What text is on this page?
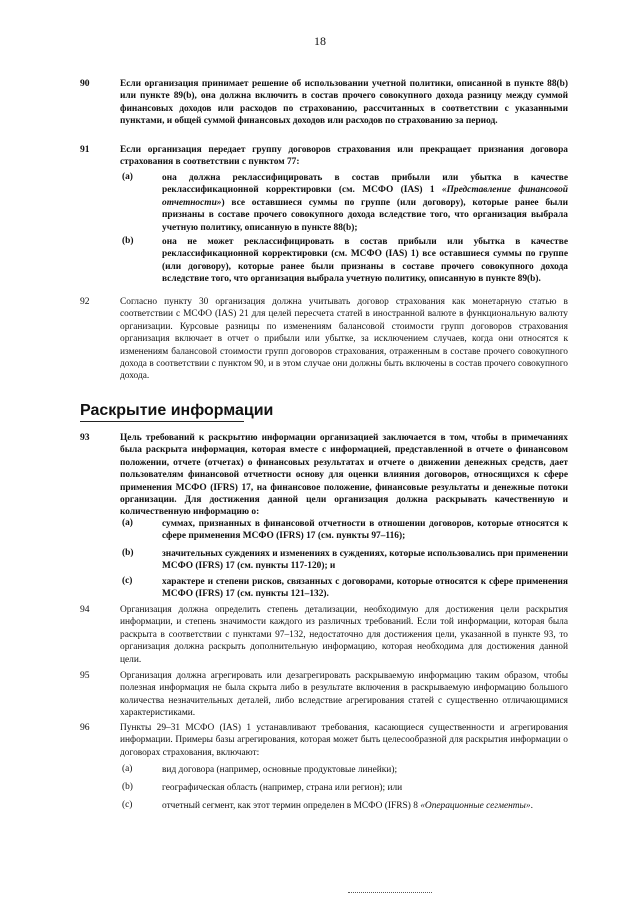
18
90	Если организация принимает решение об использовании учетной политики, описанной в пункте 88(b) или пункте 89(b), она должна включить в состав прочего совокупного дохода разницу между суммой финансовых доходов или расходов по страхованию, рассчитанных в соответствии с указанными пунктами, и общей суммой финансовых доходов или расходов по страхованию за период.
91	Если организация передает группу договоров страхования или прекращает признания договора страхования в соответствии с пунктом 77:
(a)	она должна реклассифицировать в состав прибыли или убытка в качестве реклассификационной корректировки (см. МСФО (IAS) 1 «Представление финансовой отчетности») все оставшиеся суммы по группе (или договору), которые ранее были признаны в составе прочего совокупного дохода вследствие того, что организация выбрала учетную политику, описанную в пункте 88(b);
(b)	она не может реклассифицировать в состав прибыли или убытка в качестве реклассификационной корректировки (см. МСФО (IAS) 1) все оставшиеся суммы по группе (или договору), которые ранее были признаны в составе прочего совокупного дохода вследствие того, что организация выбрала учетную политику, описанную в пункте 89(b).
92	Согласно пункту 30 организация должна учитывать договор страхования как монетарную статью в соответствии с МСФО (IAS) 21 для целей пересчета статей в иностранной валюте в функциональную валюту организации. Курсовые разницы по изменениям балансовой стоимости групп договоров страхования организация включает в отчет о прибыли или убытке, за исключением случаев, когда они относятся к изменениям балансовой стоимости групп договоров страхования, отраженным в составе прочего совокупного дохода в соответствии с пунктом 90, и в этом случае они должны быть включены в состав прочего совокупного дохода.
Раскрытие информации
93	Цель требований к раскрытию информации организацией заключается в том, чтобы в примечаниях была раскрыта информация, которая вместе с информацией, представленной в отчете о финансовом положении, отчете (отчетах) о финансовых результатах и отчете о движении денежных средств, дает пользователям финансовой отчетности основу для оценки влияния договоров, относящихся к сфере применения МСФО (IFRS) 17, на финансовое положение, финансовые результаты и денежные потоки организации. Для достижения данной цели организация должна раскрывать качественную и количественную информацию о:
(a)	суммах, признанных в финансовой отчетности в отношении договоров, которые относятся к сфере применения МСФО (IFRS) 17 (см. пункты 97–116);
(b)	значительных суждениях и изменениях в суждениях, которые использовались при применении МСФО (IFRS) 17 (см. пункты 117-120); и
(c)	характере и степени рисков, связанных с договорами, которые относятся к сфере применения МСФО (IFRS) 17 (см. пункты 121–132).
94	Организация должна определить степень детализации, необходимую для достижения цели раскрытия информации, и степень значимости каждого из различных требований. Если той информации, которая была раскрыта в соответствии с пунктами 97–132, недостаточно для достижения цели, указанной в пункте 93, то организация должна раскрыть дополнительную информацию, которая необходима для достижения данной цели.
95	Организация должна агрегировать или дезагрегировать раскрываемую информацию таким образом, чтобы полезная информация не была скрыта либо в результате включения в раскрываемую информацию большого количества незначительных деталей, либо вследствие агрегирования статей с существенно отличающимися характеристиками.
96	Пункты 29–31 МСФО (IAS) 1 устанавливают требования, касающиеся существенности и агрегирования информации. Примеры базы агрегирования, которая может быть целесообразной для раскрытия информации о договорах страхования, включают:
(a)	вид договора (например, основные продуктовые линейки);
(b)	географическая область (например, страна или регион); или
(c)	отчетный сегмент, как этот термин определен в МСФО (IFRS) 8 «Операционные сегменты».
